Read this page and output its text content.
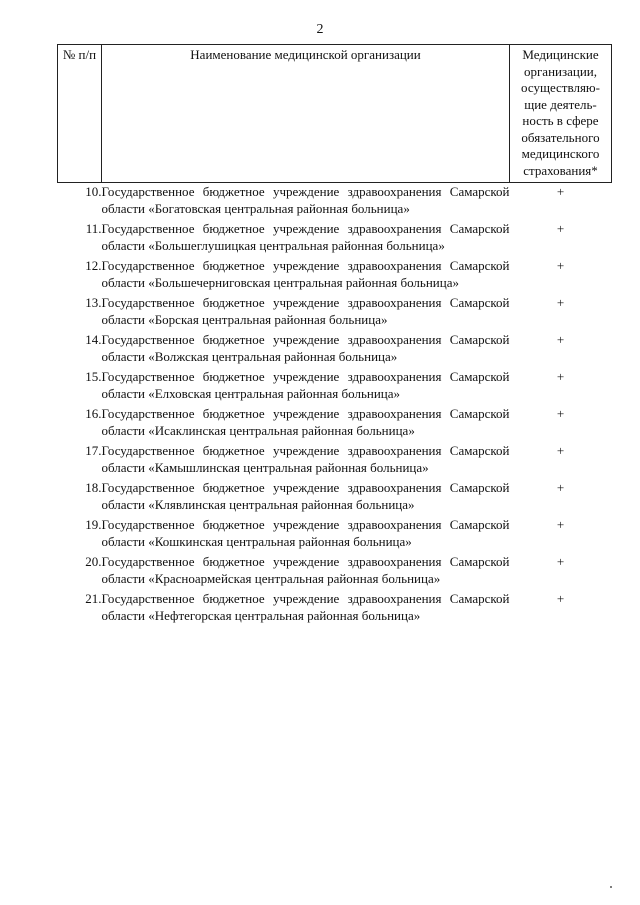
2
№ п/п	Наименование медицинской организации	Медицинские организации, осуществляю-щие деятель-ность в сфере обязательного медицинского страхования*
10.	Государственное бюджетное учреждение здравоохранения Самарской области «Богатовская центральная районная больница»	+
11.	Государственное бюджетное учреждение здравоохранения Самарской области «Большеглушицкая центральная районная больница»	+
12.	Государственное бюджетное учреждение здравоохранения Самарской области «Большечерниговская центральная районная больница»	+
13.	Государственное бюджетное учреждение здравоохранения Самарской области «Борская центральная районная больница»	+
14.	Государственное бюджетное учреждение здравоохранения Самарской области «Волжская центральная районная больница»	+
15.	Государственное бюджетное учреждение здравоохранения Самарской области «Елховская центральная районная больница»	+
16.	Государственное бюджетное учреждение здравоохранения Самарской области «Исаклинская центральная районная больница»	+
17.	Государственное бюджетное учреждение здравоохранения Самарской области «Камышлинская центральная районная больница»	+
18.	Государственное бюджетное учреждение здравоохранения Самарской области «Клявлинская центральная районная больница»	+
19.	Государственное бюджетное учреждение здравоохранения Самарской области «Кошкинская центральная районная больница»	+
20.	Государственное бюджетное учреждение здравоохранения Самарской области «Красноармейская центральная районная больница»	+
21.	Государственное бюджетное учреждение здравоохранения Самарской области «Нефтегорская центральная районная больница»	+
